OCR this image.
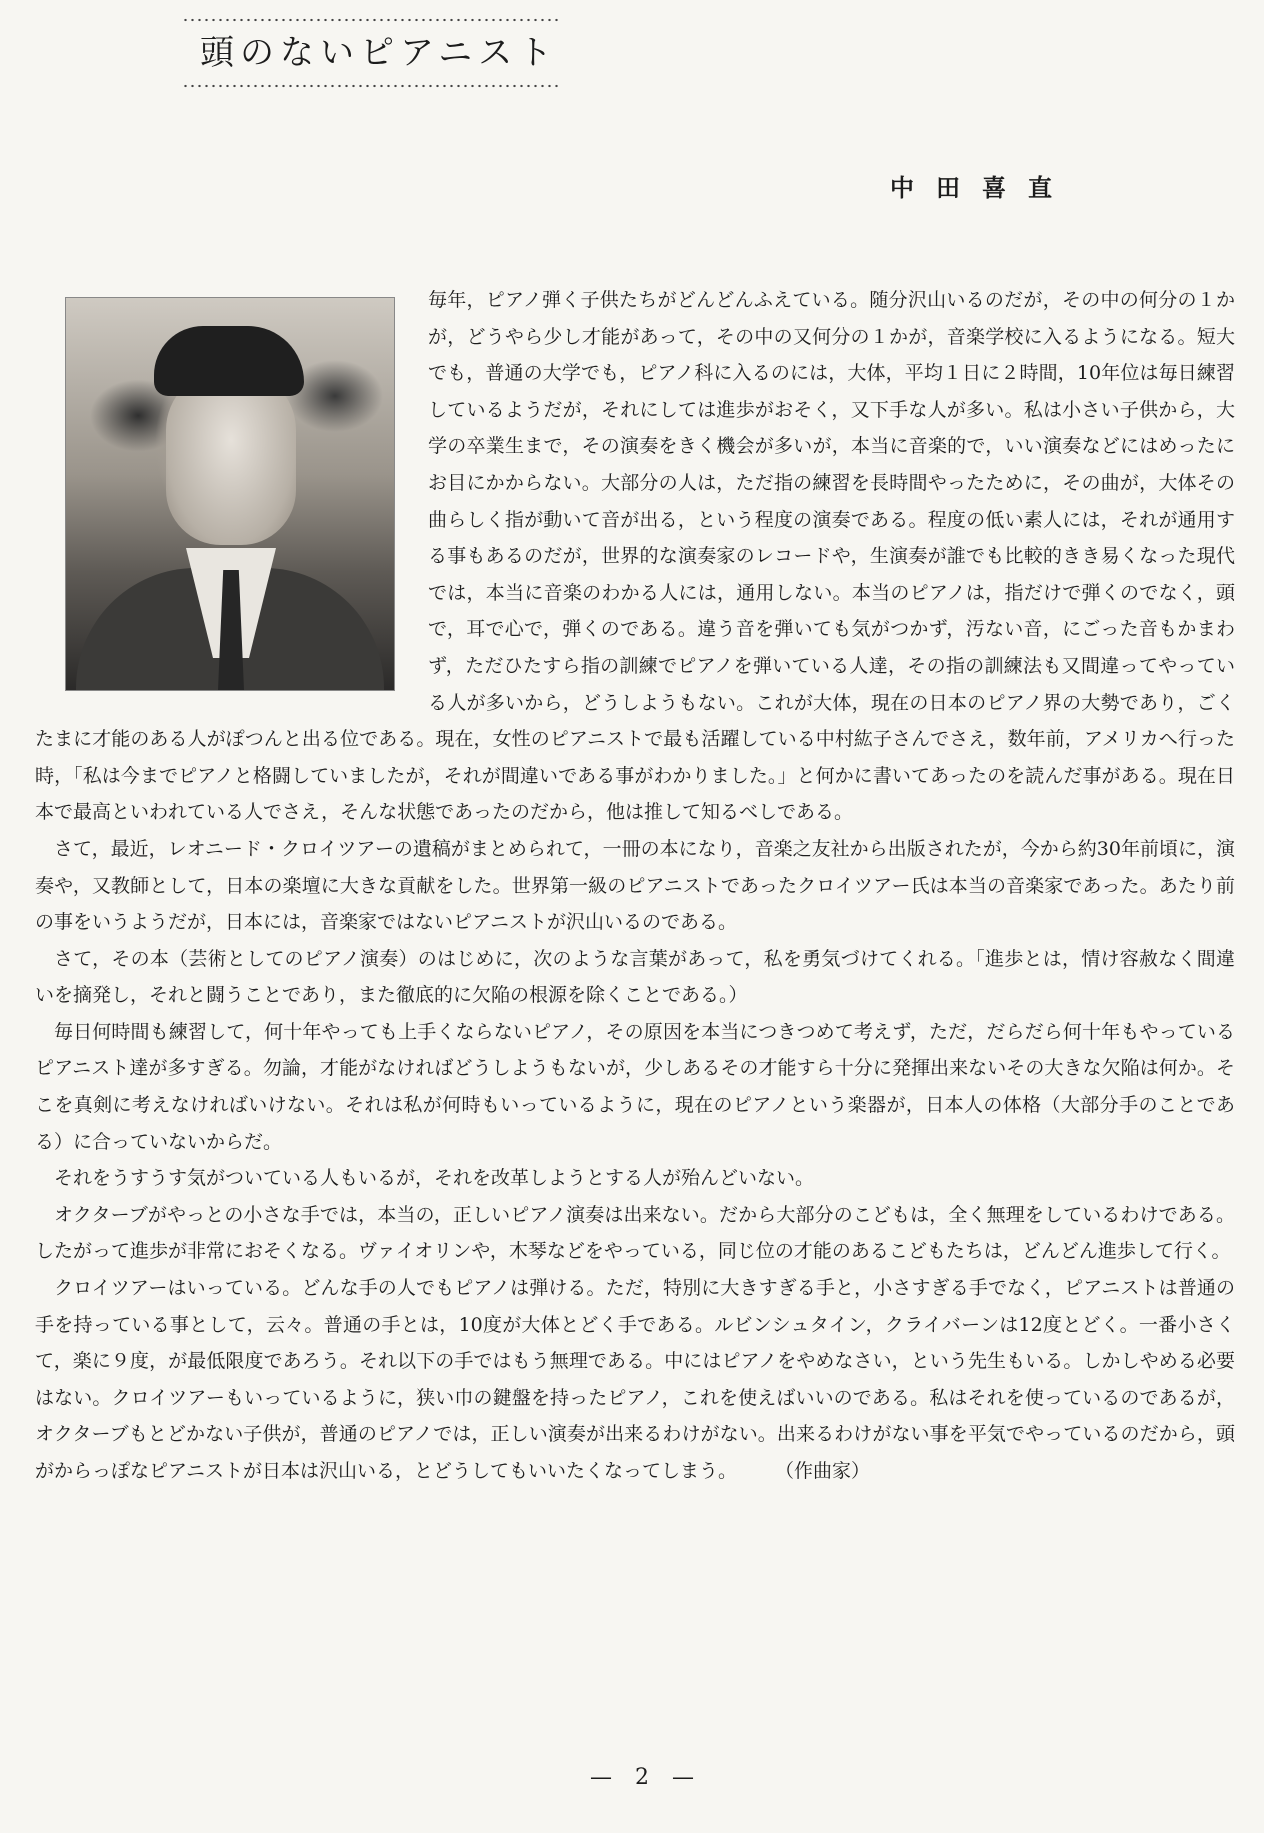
頭のないピアニスト
中田喜直

毎年，ピアノ弾く子供たちがどんどんふえている。随分沢山いるのだが，その中の何分の１かが，どうやら少し才能があって，その中の又何分の１かが，音楽学校に入るようになる。短大でも，普通の大学でも，ピアノ科に入るのには，大体，平均１日に２時間，10年位は毎日練習しているようだが，それにしては進歩がおそく，又下手な人が多い。私は小さい子供から，大学の卒業生まで，その演奏をきく機会が多いが，本当に音楽的で，いい演奏などにはめったにお目にかからない。大部分の人は，ただ指の練習を長時間やったために，その曲が，大体その曲らしく指が動いて音が出る，という程度の演奏である。程度の低い素人には，それが通用する事もあるのだが，世界的な演奏家のレコードや，生演奏が誰でも比較的きき易くなった現代では，本当に音楽のわかる人には，通用しない。本当のピアノは，指だけで弾くのでなく，頭で，耳で心で，弾くのである。違う音を弾いても気がつかず，汚ない音，にごった音もかまわず，ただひたすら指の訓練でピアノを弾いている人達，その指の訓練法も又間違ってやっている人が多いから，どうしようもない。これが大体，現在の日本のピアノ界の大勢であり，ごくたまに才能のある人がぽつんと出る位である。現在，女性のピアニストで最も活躍している中村紘子さんでさえ，数年前，アメリカへ行った時，「私は今までピアノと格闘していましたが，それが間違いである事がわかりました。」と何かに書いてあったのを読んだ事がある。現在日本で最高といわれている人でさえ，そんな状態であったのだから，他は推して知るべしである。

さて，最近，レオニード・クロイツアーの遺稿がまとめられて，一冊の本になり，音楽之友社から出版されたが，今から約30年前頃に，演奏や，又教師として，日本の楽壇に大きな貢献をした。世界第一級のピアニストであったクロイツアー氏は本当の音楽家であった。あたり前の事をいうようだが，日本には，音楽家ではないピアニストが沢山いるのである。

さて，その本（芸術としてのピアノ演奏）のはじめに，次のような言葉があって，私を勇気づけてくれる。「進歩とは，情け容赦なく間違いを摘発し，それと闘うことであり，また徹底的に欠陥の根源を除くことである。）

毎日何時間も練習して，何十年やっても上手くならないピアノ，その原因を本当につきつめて考えず，ただ，だらだら何十年もやっているピアニスト達が多すぎる。勿論，才能がなければどうしようもないが，少しあるその才能すら十分に発揮出来ないその大きな欠陥は何か。そこを真剣に考えなければいけない。それは私が何時もいっているように，現在のピアノという楽器が，日本人の体格（大部分手のことである）に合っていないからだ。

それをうすうす気がついている人もいるが，それを改革しようとする人が殆んどいない。

オクターブがやっとの小さな手では，本当の，正しいピアノ演奏は出来ない。だから大部分のこどもは，全く無理をしているわけである。したがって進歩が非常におそくなる。ヴァイオリンや，木琴などをやっている，同じ位の才能のあるこどもたちは，どんどん進歩して行く。

クロイツアーはいっている。どんな手の人でもピアノは弾ける。ただ，特別に大きすぎる手と，小さすぎる手でなく，ピアニストは普通の手を持っている事として，云々。普通の手とは，10度が大体とどく手である。ルビンシュタイン，クライバーンは12度とどく。一番小さくて，楽に９度，が最低限度であろう。それ以下の手ではもう無理である。中にはピアノをやめなさい，という先生もいる。しかしやめる必要はない。クロイツアーもいっているように，狭い巾の鍵盤を持ったピアノ，これを使えばいいのである。私はそれを使っているのであるが，オクターブもとどかない子供が，普通のピアノでは，正しい演奏が出来るわけがない。出来るわけがない事を平気でやっているのだから，頭がからっぽなピアニストが日本は沢山いる，とどうしてもいいたくなってしまう。　　　（作曲家）

— 2 —
